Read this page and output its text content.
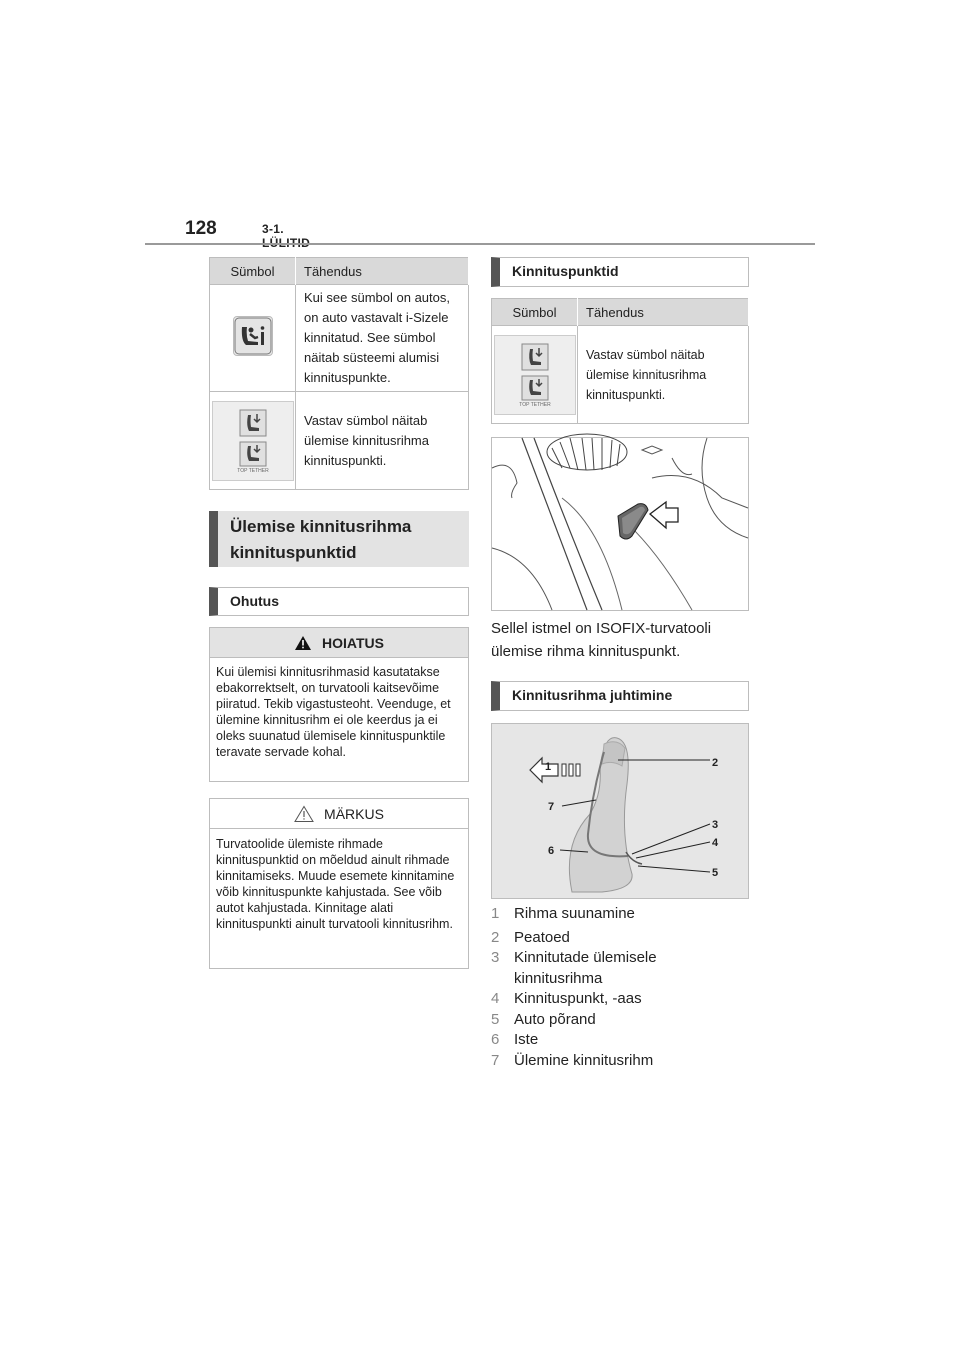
128	3-1.
Sümbol	Tähendus
	Kui see sümbol on autos, on auto vastavalt i-Sizele kinnitatud. See sümbol näitab süsteemi alumisi kinnituspunkte.

TOP TETHER	Vastav sümbol näitab ülemise kinnitusrihma kinnituspunkti.
Ülemise kinnitusrihma kinnituspunktid
Ohutus
HOIATUS
Kui ülemisi kinnitusrihmasid kasutatakse ebakorrektselt, on turvatooli kaitsevõime piiratud. Tekib vigastusteoht. Veenduge, et ülemine kinnitusrihm ei ole keerdus ja ei oleks suunatud ülemisele kinnituspunktile teravate servade kohal.
MÄRKUS
Turvatoolide ülemiste rihmade kinnituspunktid on mõeldud ainult rihmade kinnitamiseks. Muude esemete kinnitamine võib kinnituspunkte kahjustada. See võib autot kahjustada. Kinnitage alati kinnituspunkti ainult turvatooli kinnitusrihm.
Kinnituspunktid
Sümbol	Tähendus

TOP TETHER	Vastav sümbol näitab ülemise kinnitusrihma kinnituspunkti.
Sellel istmel on ISOFIX-turvatooli ülemise rihma kinnituspunkt.
Kinnitusrihma juhtimine
1	2
3
4
5
6
7
1 Rihma suunamine
2 Peatoed
3 Kinnitutade ülemisele kinnitusrihma
4 Kinnituspunkt, -aas
5 Auto põrand
6 Iste
7 Ülemine kinnitusrihm
